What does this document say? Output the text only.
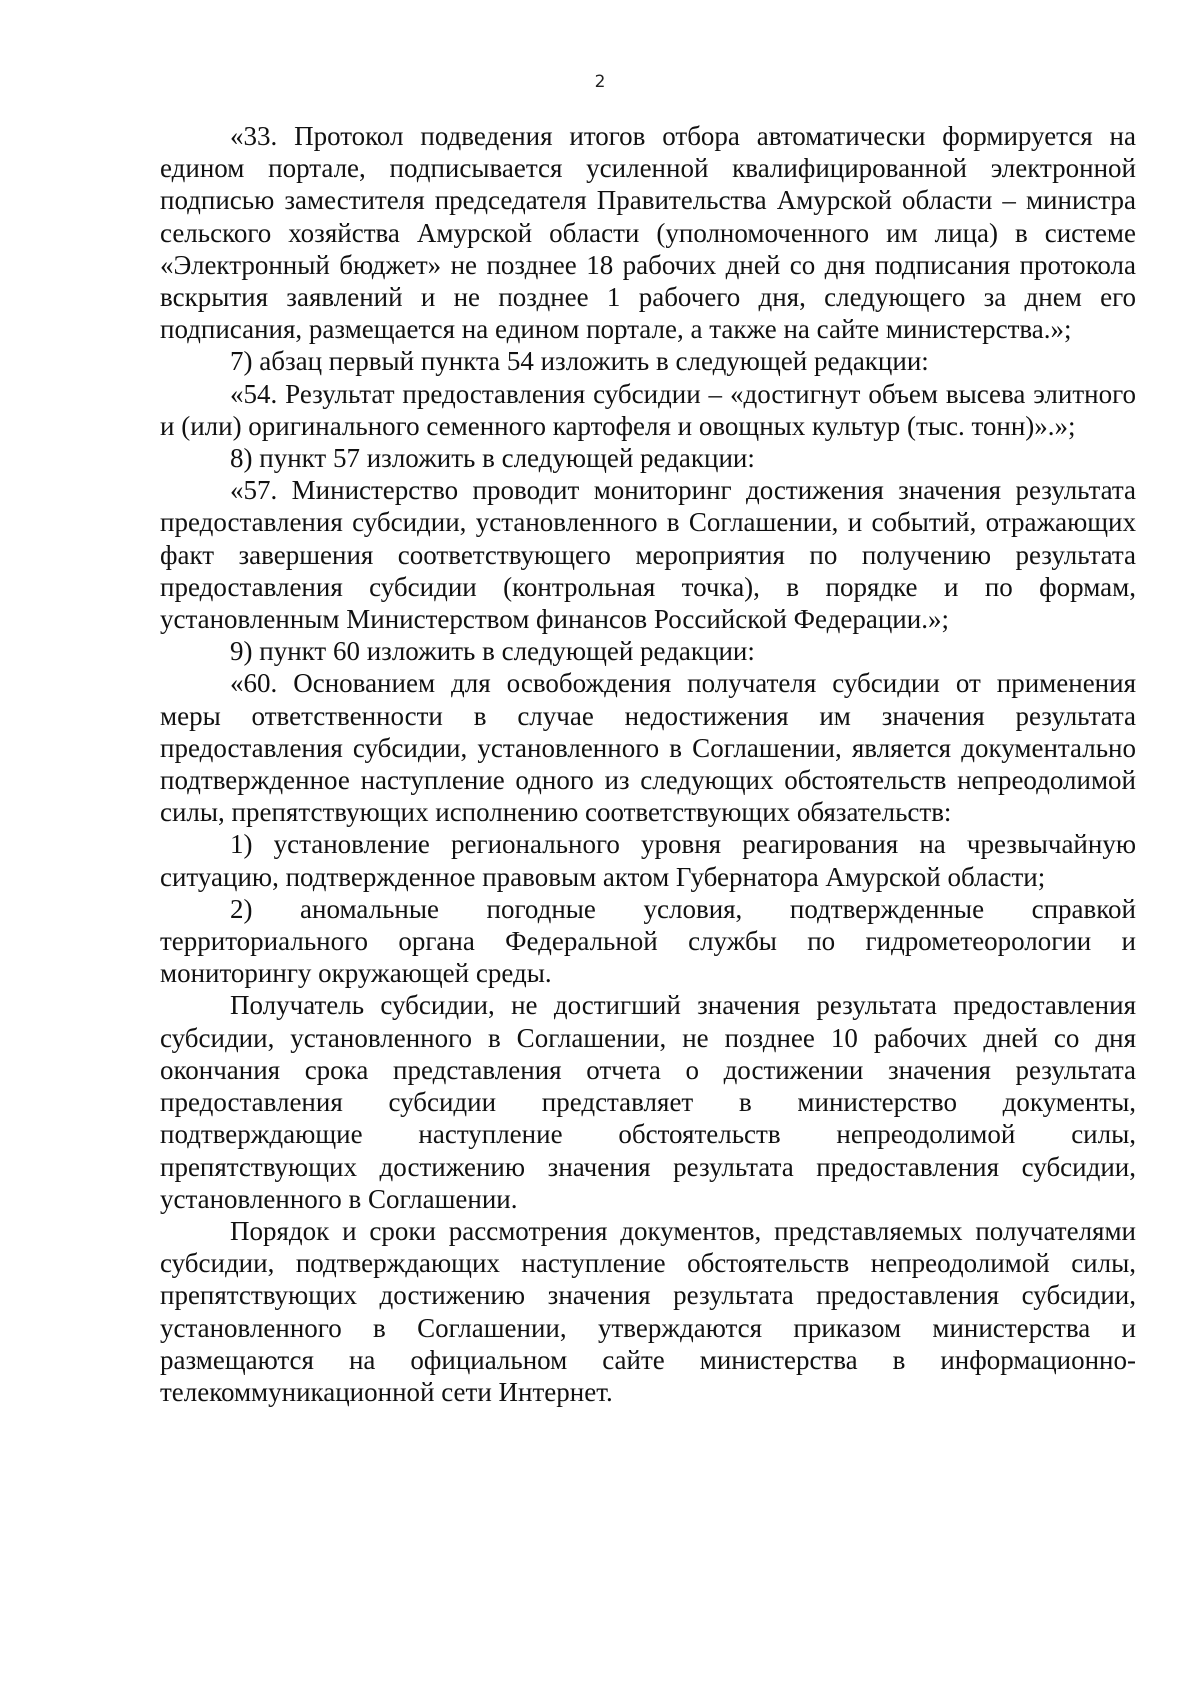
2

«33. Протокол подведения итогов отбора автоматически формируется на едином портале, подписывается усиленной квалифицированной электронной подписью заместителя председателя Правительства Амурской области – министра сельского хозяйства Амурской области (уполномоченного им лица) в системе «Электронный бюджет» не позднее 18 рабочих дней со дня подписания протокола вскрытия заявлений и не позднее 1 рабочего дня, следующего за днем его подписания, размещается на едином портале, а также на сайте министерства.»;

7) абзац первый пункта 54 изложить в следующей редакции:

«54. Результат предоставления субсидии – «достигнут объем высева элитного и (или) оригинального семенного картофеля и овощных культур (тыс. тонн)».»;

8) пункт 57 изложить в следующей редакции:

«57. Министерство проводит мониторинг достижения значения результата предоставления субсидии, установленного в Соглашении, и событий, отражающих факт завершения соответствующего мероприятия по получению результата предоставления субсидии (контрольная точка), в порядке и по формам, установленным Министерством финансов Российской Федерации.»;

9) пункт 60 изложить в следующей редакции:

«60. Основанием для освобождения получателя субсидии от применения меры ответственности в случае недостижения им значения результата предоставления субсидии, установленного в Соглашении, является документально подтвержденное наступление одного из следующих обстоятельств непреодолимой силы, препятствующих исполнению соответствующих обязательств:

1) установление регионального уровня реагирования на чрезвычайную ситуацию, подтвержденное правовым актом Губернатора Амурской области;

2) аномальные погодные условия, подтвержденные справкой территориального органа Федеральной службы по гидрометеорологии и мониторингу окружающей среды.

Получатель субсидии, не достигший значения результата предоставления субсидии, установленного в Соглашении, не позднее 10 рабочих дней со дня окончания срока представления отчета о достижении значения результата предоставления субсидии представляет в министерство документы, подтверждающие наступление обстоятельств непреодолимой силы, препятствующих достижению значения результата предоставления субсидии, установленного в Соглашении.

Порядок и сроки рассмотрения документов, представляемых получателями субсидии, подтверждающих наступление обстоятельств непреодолимой силы, препятствующих достижению значения результата предоставления субсидии, установленного в Соглашении, утверждаются приказом министерства и размещаются на официальном сайте министерства в информационно-телекоммуникационной сети Интернет.
